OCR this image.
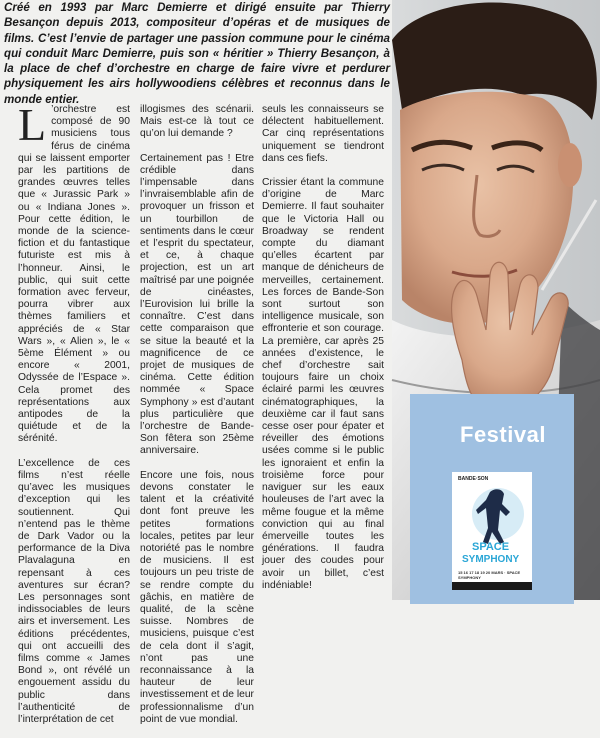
Créé en 1993 par Marc Demierre et dirigé ensuite par Thierry Besançon depuis 2013, compositeur d’opéras et de musiques de films. C’est l’envie de partager une passion commune pour le cinéma qui conduit Marc Demierre, puis son « héritier » Thierry Besançon, à la place de chef d’orchestre en charge de faire vivre et perdurer physiquement les airs hollywoodiens célèbres et reconnus dans le monde entier.

L ’orchestre est composé de 90 musiciens tous férus de cinéma qui se laissent emporter par les partitions de grandes œuvres telles que « Jurassic Park » ou « Indiana Jones ». Pour cette édition, le monde de la science-fiction et du fantastique futuriste est mis à l’honneur. Ainsi, le public, qui suit cette formation avec ferveur, pourra vibrer aux thèmes familiers et appréciés de « Star Wars », « Alien », le « 5ème Élément » ou encore « 2001, Odyssée de l’Espace ». Cela promet des représentations aux antipodes de la quiétude et de la sérénité.

L’excellence de ces films n’est réelle qu’avec les musiques d’exception qui les soutiennent. Qui n’entend pas le thème de Dark Vador ou la performance de la Diva Plavalaguna en repensant à ces aventures sur écran? Les personnages sont indissociables de leurs airs et inversement. Les éditions précédentes, qui ont accueilli des films comme « James Bond », ont révélé un engouement assidu du public dans l’authenticité de l’interprétation de cet

illogismes des scénarii. Mais est-ce là tout ce qu’on lui demande ?

Certainement pas ! Etre crédible dans l’impensable dans l’invraisemblable afin de provoquer un frisson et un tourbillon de sentiments dans le cœur et l’esprit du spectateur, et ce, à chaque projection, est un art maîtrisé par une poignée de cinéastes, l’Eurovision lui brille la connaître. C’est dans cette comparaison que se situe la beauté et la magnificence de ce projet de musiques de cinéma. Cette édition nommée « Space Symphony » est d’autant plus particulière que l’orchestre de Bande-Son fêtera son 25ème anniversaire.

Encore une fois, nous devons constater le talent et la créativité dont font preuve les petites formations locales, petites par leur notoriété pas le nombre de musiciens. Il est toujours un peu triste de se rendre compte du gâchis, en matière de qualité, de la scène suisse. Nombres de musiciens, puisque c’est de cela dont il s’agit, n’ont pas une reconnaissance à la hauteur de leur investissement et de leur professionnalisme d’un point de vue mondial.

seuls les connaisseurs se délectent habituellement. Car cinq représentations uniquement se tiendront dans ces fiefs.

Crissier étant la commune d’origine de Marc Demierre. Il faut souhaiter que le Victoria Hall ou Broadway se rendent compte du diamant qu’elles écartent par manque de dénicheurs de merveilles, certainement. Les forces de Bande-Son sont surtout son intelligence musicale, son effronterie et son courage. La première, car après 25 années d’existence, le chef d’orchestre sait toujours faire un choix éclairé parmi les œuvres cinématographiques, la deuxième car il faut sans cesse oser pour épater et réveiller des émotions usées comme si le public les ignoraient et enfin la troisième force pour naviguer sur les eaux houleuses de l’art avec la même fougue et la même conviction qui au final émerveille toutes les générations. Il faudra jouer des coudes pour avoir un billet, c’est indéniable!

Festival
BANDE·SON
SPACE
SYMPHONY
15 16 17 18 19 20 MARS · SPACE SYMPHONY
